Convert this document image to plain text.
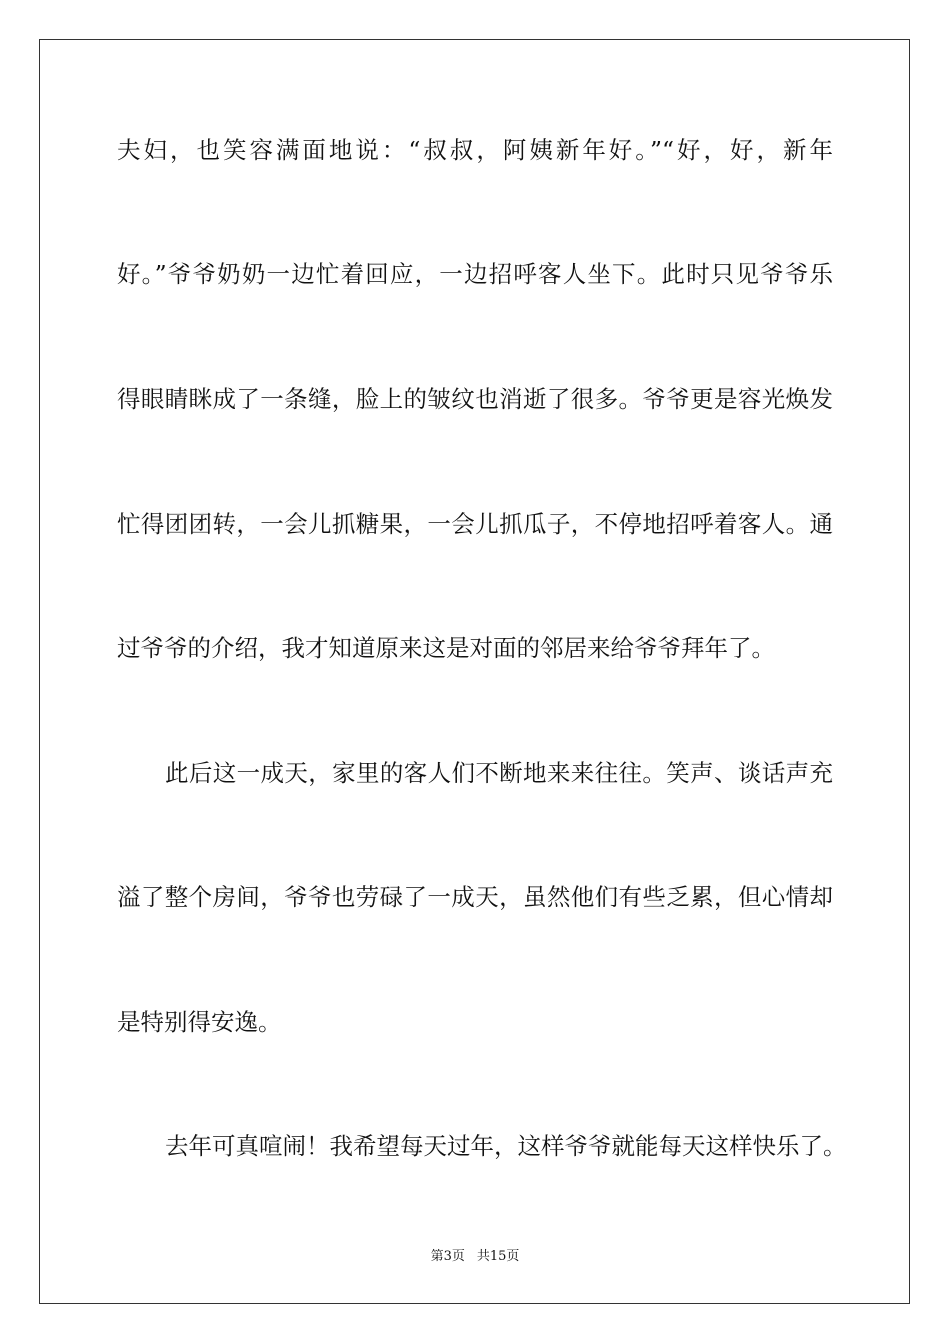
夫妇，也笑容满面地说：“叔叔，阿姨新年好。”“好，好，新年
好。”爷爷奶奶一边忙着回应，一边招呼客人坐下。此时只见爷爷乐
得眼睛眯成了一条缝，脸上的皱纹也消逝了很多。爷爷更是容光焕发
忙得团团转，一会儿抓糖果，一会儿抓瓜子，不停地招呼着客人。通
过爷爷的介绍，我才知道原来这是对面的邻居来给爷爷拜年了。
此后这一成天，家里的客人们不断地来来往往。笑声、谈话声充
溢了整个房间，爷爷也劳碌了一成天，虽然他们有些乏累，但心情却
是特别得安逸。
去年可真喧闹！我希望每天过年，这样爷爷就能每天这样快乐了。
第3页 共15页
